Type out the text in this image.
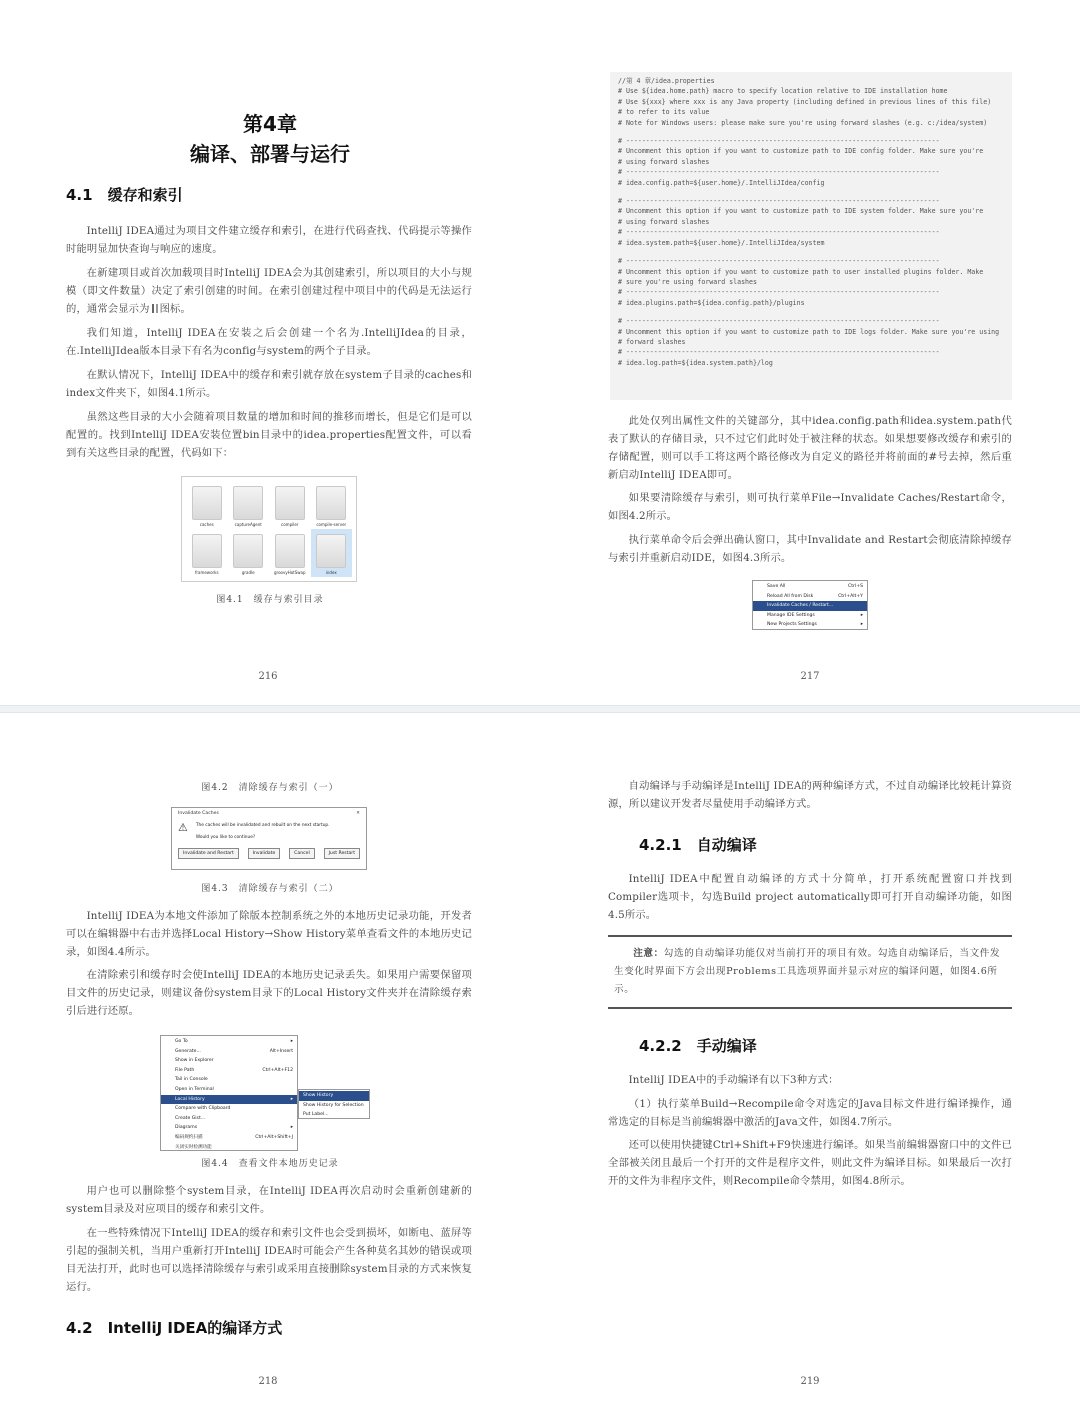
第4章
编译、部署与运行
4.1　缓存和索引

IntelliJ IDEA通过为项目文件建立缓存和索引，在进行代码查找、代码提示等操作时能明显加快查询与响应的速度。

在新建项目或首次加载项目时IntelliJ IDEA会为其创建索引，所以项目的大小与规模（即文件数量）决定了索引创建的时间。在索引创建过程中项目中的代码是无法运行的，通常会显示为 图标。

我们知道，IntelliJ IDEA在安装之后会创建一个名为.IntelliJIdea的目录，在.IntelliJIdea版本目录下有名为config与system的两个子目录。

在默认情况下，IntelliJ IDEA中的缓存和索引就存放在system子目录的caches和index文件夹下，如图4.1所示。

虽然这些目录的大小会随着项目数量的增加和时间的推移而增长，但是它们是可以配置的。找到IntelliJ IDEA安装位置bin目录中的idea.properties配置文件，可以看到有关这些目录的配置，代码如下：

caches	captureAgent	compiler	compile-server
frameworks	gradle	groovyHotSwap	index
图4.1　缓存与索引目录
216
//第 4 章/idea.properties
# Use ${idea.home.path} macro to specify location relative to IDE installation home
# Use ${xxx} where xxx is any Java property (including defined in previous lines of this file)
# to refer to its value
# Note for Windows users: please make sure you're using forward slashes (e.g. c:/idea/system)
# -------------------------------------------------------------------------------
# Uncomment this option if you want to customize path to IDE config folder. Make sure you're
# using forward slashes
# -------------------------------------------------------------------------------
# idea.config.path=${user.home}/.IntelliJIdea/config
# -------------------------------------------------------------------------------
# Uncomment this option if you want to customize path to IDE system folder. Make sure you're
# using forward slashes
# -------------------------------------------------------------------------------
# idea.system.path=${user.home}/.IntelliJIdea/system
# -------------------------------------------------------------------------------
# Uncomment this option if you want to customize path to user installed plugins folder. Make
# sure you're using forward slashes
# -------------------------------------------------------------------------------
# idea.plugins.path=${idea.config.path}/plugins
# -------------------------------------------------------------------------------
# Uncomment this option if you want to customize path to IDE logs folder. Make sure you're using
# forward slashes
# -------------------------------------------------------------------------------
# idea.log.path=${idea.system.path}/log

此处仅列出属性文件的关键部分，其中idea.config.path和idea.system.path代表了默认的存储目录，只不过它们此时处于被注释的状态。如果想要修改缓存和索引的存储配置，则可以手工将这两个路径修改为自定义的路径并将前面的#号去掉，然后重新启动IntelliJ IDEA即可。

如果要清除缓存与索引，则可执行菜单File→Invalidate Caches/Restart命令，如图4.2所示。

执行菜单命令后会弹出确认窗口，其中Invalidate and Restart会彻底清除掉缓存与索引并重新启动IDE，如图4.3所示。

Save All	Ctrl+S
Reload All from Disk	Ctrl+Alt+Y
Invalidate Caches / Restart...
Manage IDE Settings	▸
New Projects Settings	▸
217
图4.2　清除缓存与索引（一）
Invalidate Caches	✕
⚠ The caches will be invalidated and rebuilt on the next startup.
Would you like to continue?
Invalidate and Restart	Invalidate	Cancel	Just Restart
图4.3　清除缓存与索引（二）

IntelliJ IDEA为本地文件添加了除版本控制系统之外的本地历史记录功能，开发者可以在编辑器中右击并选择Local History→Show History菜单查看文件的本地历史记录，如图4.4所示。

在清除索引和缓存时会使IntelliJ IDEA的本地历史记录丢失。如果用户需要保留项目文件的历史记录，则建议备份system目录下的Local History文件夹并在清除缓存索引后进行还原。

Go To	▸
Generate...	Alt+Insert
Show in Explorer
File Path	Ctrl+Alt+F12
Tail in Console
Open in Terminal
Local History	▸
Compare with Clipboard
Create Gist...
Diagrams	▸
编码规约扫描	Ctrl+Alt+Shift+J
关闭实时检测功能
Show History
Show History for Selection
Put Label...
图4.4　查看文件本地历史记录

用户也可以删除整个system目录，在IntelliJ IDEA再次启动时会重新创建新的system目录及对应项目的缓存和索引文件。

在一些特殊情况下IntelliJ IDEA的缓存和索引文件也会受到损坏，如断电、蓝屏等引起的强制关机，当用户重新打开IntelliJ IDEA时可能会产生各种莫名其妙的错误或项目无法打开，此时也可以选择清除缓存与索引或采用直接删除system目录的方式来恢复运行。

4.2　IntelliJ IDEA的编译方式
218

自动编译与手动编译是IntelliJ IDEA的两种编译方式，不过自动编译比较耗计算资源，所以建议开发者尽量使用手动编译方式。

4.2.1　自动编译

IntelliJ IDEA中配置自动编译的方式十分简单，打开系统配置窗口并找到Compiler选项卡，勾选Build project automatically即可打开自动编译功能，如图4.5所示。

注意：勾选的自动编译功能仅对当前打开的项目有效。勾选自动编译后，当文件发生变化时界面下方会出现Problems工具选项界面并显示对应的编译问题，如图4.6所示。

4.2.2　手动编译

IntelliJ IDEA中的手动编译有以下3种方式：

（1）执行菜单Build→Recompile命令对选定的Java目标文件进行编译操作，通常选定的目标是当前编辑器中激活的Java文件，如图4.7所示。

还可以使用快捷键Ctrl+Shift+F9快速进行编译。如果当前编辑器窗口中的文件已全部被关闭且最后一个打开的文件是程序文件，则此文件为编译目标。如果最后一次打开的文件为非程序文件，则Recompile命令禁用，如图4.8所示。

219
